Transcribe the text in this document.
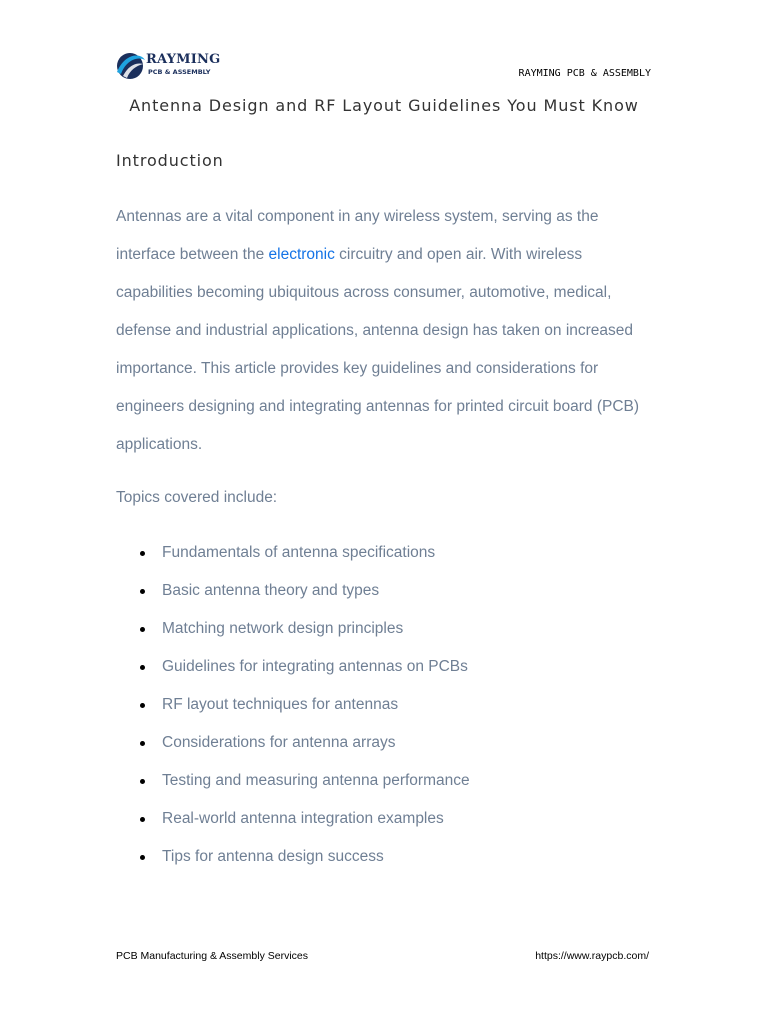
RAYMING
PCB & ASSEMBLY	RAYMING PCB & ASSEMBLY
Antenna Design and RF Layout Guidelines You Must Know
Introduction

Antennas are a vital component in any wireless system, serving as the interface between the electronic circuitry and open air. With wireless capabilities becoming ubiquitous across consumer, automotive, medical, defense and industrial applications, antenna design has taken on increased importance. This article provides key guidelines and considerations for engineers designing and integrating antennas for printed circuit board (PCB) applications.

Topics covered include:

Fundamentals of antenna specifications
Basic antenna theory and types
Matching network design principles
Guidelines for integrating antennas on PCBs
RF layout techniques for antennas
Considerations for antenna arrays
Testing and measuring antenna performance
Real-world antenna integration examples
Tips for antenna design success
PCB Manufacturing & Assembly Services	https://www.raypcb.com/
